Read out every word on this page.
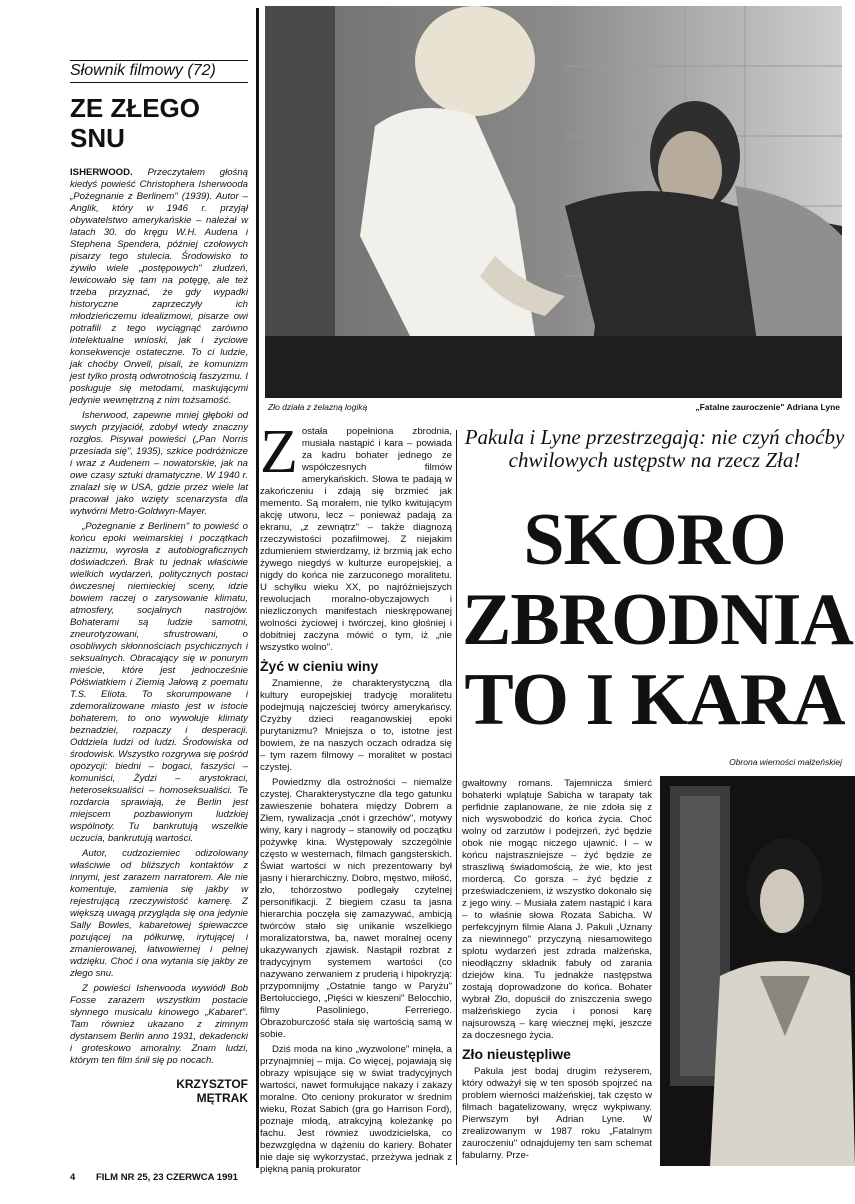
Słownik filmowy (72)
ZE ZŁEGO SNU

ISHERWOOD. Przeczytałem głośną kiedyś powieść Christophera Isherwooda „Pożegnanie z Berlinem" (1939). Autor – Anglik, który w 1946 r. przyjął obywatelstwo amerykańskie – należał w latach 30. do kręgu W.H. Audena i Stephena Spendera, później czołowych pisarzy tego stulecia. Środowisko to żywiło wiele „postępowych" złudzeń, lewicowało się tam na potęgę, ale też trzeba przyznać, że gdy wypadki historyczne zaprzeczyły ich młodzieńczemu idealizmowi, pisarze owi potrafili z tego wyciągnąć zarówno intelektualne wnioski, jak i życiowe konsekwencje ostateczne. To ci ludzie, jak choćby Orwell, pisali, że komunizm jest tylko prostą odwrotnością faszyzmu. I posługuje się metodami, maskującymi jedynie wewnętrzną z nim tożsamość.

Isherwood, zapewne mniej głęboki od swych przyjaciół, zdobył wtedy znaczny rozgłos. Pisywał powieści („Pan Norris przesiada się", 1935), szkice podróżnicze i wraz z Audenem – nowatorskie, jak na owe czasy sztuki dramatyczne. W 1940 r. znalazł się w USA, gdzie przez wiele lat pracował jako wzięty scenarzysta dla wytwórni Metro-Goldwyn-Mayer.

„Pożegnanie z Berlinem" to powieść o końcu epoki weimarskiej i początkach nazizmu, wyrosła z autobiograficznych doświadczeń. Brak tu jednak właściwie wielkich wydarzeń, politycznych postaci ówczesnej niemieckiej sceny, idzie bowiem raczej o zarysowanie klimatu, atmosfery, socjalnych nastrojów. Bohaterami są ludzie samotni, zneurotyzowani, sfrustrowani, o osobliwych skłonnościach psychicznych i seksualnych. Obracający się w ponurym mieście, które jest jednocześnie Półświatkiem i Ziemią Jałową z poematu T.S. Eliota. To skorumpowane i zdemoralizowane miasto jest w istocie bohaterem, to ono wywołuje klimaty beznadziei, rozpaczy i desperacji. Oddziela ludzi od ludzi. Środowiska od środowisk. Wszystko rozgrywa się pośród opozycji: biedni – bogaci, faszyści – komuniści, Żydzi – arystokraci, heteroseksualiści – homoseksualiści. Te rozdarcia sprawiają, że Berlin jest miejscem pozbawionym ludzkiej wspólnoty. Tu bankrutują wszelkie uczucia, bankrutują wartości.

Autor, cudzoziemiec odizolowany właściwie od bliższych kontaktów z innymi, jest zarazem narratorem. Ale nie komentuje, zamienia się jakby w rejestrującą rzeczywistość kamerę. Z większą uwagą przygląda się ona jedynie Sally Bowles, kabaretowej śpiewaczce pozującej na półkurwę, irytującej i zmanierowanej, łatwowiernej i pełnej wdzięku. Choć i ona wytania się jakby ze złego snu.

Z powieści Isherwooda wywiódł Bob Fosse zarazem wszystkim postacie słynnego musicalu kinowego „Kabaret". Tam również ukazano z zimnym dystansem Berlin anno 1931, dekadencki i groteskowo amoralny. Znam ludzi, którym ten film śnił się po nocach.

KRZYSZTOF
MĘTRAK
4 FILM NR 25, 23 CZERWCA 1991
Zło działa z żelazną logiką	„Fatalne zauroczenie" Adriana Lyne

Została popełniona zbrodnia, musiała nastąpić i kara – powiada za kadru bohater jednego ze współczesnych filmów amerykańskich. Słowa te padają w zakończeniu i zdają się brzmieć jak memento. Są morałem, nie tylko kwitującym akcję utworu, lecz – ponieważ padają za ekranu, „z zewnątrz" – także diagnozą rzeczywistości pozafilmowej. Z niejakim zdumieniem stwierdzamy, iż brzmią jak echo żywego niegdyś w kulturze europejskiej, a nigdy do końca nie zarzuconego moralitetu. U schyłku wieku XX, po najróżniejszych rewolucjach moralno-obyczajowych i niezliczonych manifestach nieskrępowanej wolności życiowej i twórczej, kino głośniej i dobitniej zaczyna mówić o tym, iż „nie wszystko wolno".

Żyć w cieniu winy

Znamienne, że charakterystyczną dla kultury europejskiej tradycję moralitetu podejmują najcześciej twórcy amerykańscy. Czyżby dzieci reaganowskiej epoki purytanizmu? Mniejsza o to, istotne jest bowiem, że na naszych oczach odradza się – tym razem filmowy – moralitet w postaci czystej.

Powiedzmy dla ostrożności – niemalże czystej. Charakterystyczne dla tego gatunku zawieszenie bohatera między Dobrem a Złem, rywalizacja „cnót i grzechów", motywy winy, kary i nagrody – stanowiły od początku pożywkę kina. Występowały szczególnie często w westernach, filmach gangsterskich. Świat wartości w nich prezentowany był jasny i hierarchiczny. Dobro, męstwo, miłość, zło, tchórzostwo podlegały czytelnej personifikacji. Z biegiem czasu ta jasna hierarchia poczęła się zamazywać, ambicją twórców stało się unikanie wszelkiego moralizatorstwa, ba, nawet moralnej oceny ukazywanych zjawisk. Nastąpił rozbrat z tradycyjnym systemem wartości (co nazywano zerwaniem z pruderią i hipokryzją: przypomnijmy „Ostatnie tango w Paryżu" Bertolucciego, „Pięści w kieszeni" Belocchio, filmy Pasoliniego, Ferreriego. Obrazoburczość stała się wartością samą w sobie.

Dziś moda na kino „wyzwolone" minęła, a przynajmniej – mija. Co więcej, pojawiają się obrazy wpisujące się w świat tradycyjnych wartości, nawet formułujące nakazy i zakazy moralne. Oto ceniony prokurator w średnim wieku, Rozat Sabich (gra go Harrison Ford), poznaje młodą, atrakcyjną koleżankę po fachu. Jest również uwodzicielska, co bezwzględna w dążeniu do kariery. Bohater nie daje się wykorzystać, przeżywa jednak z piękną panią prokurator

Pakula i Lyne przestrzegają: nie czyń choćby chwilowych ustępstw na rzecz Zła!
SKORO
ZBRODNIA
TO I KARA
Obrona wierności małżeńskiej

gwałtowny romans. Tajemnicza śmierć bohaterki wplątuje Sabicha w tarapaty tak perfidnie zaplanowane, że nie zdoła się z nich wyswobodzić do końca życia. Choć wolny od zarzutów i podejrzeń, żyć będzie obok nie mogąc niczego ujawnić. I – w końcu najstraszniejsze – żyć będzie ze straszliwą świadomością, że wie, kto jest mordercą. Co gorsza – żyć będzie z przeświadczeniem, iż wszystko dokonało się z jego winy. – Musiała zatem nastąpić i kara – to właśnie słowa Rozata Sabicha. W perfekcyjnym filmie Alana J. Pakuli „Uznany za niewinnego" przyczyną niesamowitego splotu wydarzeń jest zdrada małżeńska, nieodłączny składnik fabuły od zarania dziejów kina. Tu jednakże następstwa zostają doprowadzone do końca. Bohater wybrał Zło, dopuścił do zniszczenia swego małżeńskiego życia i ponosi karę najsurowszą – karę wiecznej męki, jeszcze za doczesnego życia.

Zło nieustępliwe

Pakula jest bodaj drugim reżyserem, który odważył się w ten sposób spojrzeć na problem wierności małżeńskiej, tak często w filmach bagatelizowany, wręcz wykpiwany. Pierwszym był Adrian Lyne. W zrealizowanym w 1987 roku „Fatalnym zauroczeniu" odnajdujemy ten sam schemat fabularny. Prze-
